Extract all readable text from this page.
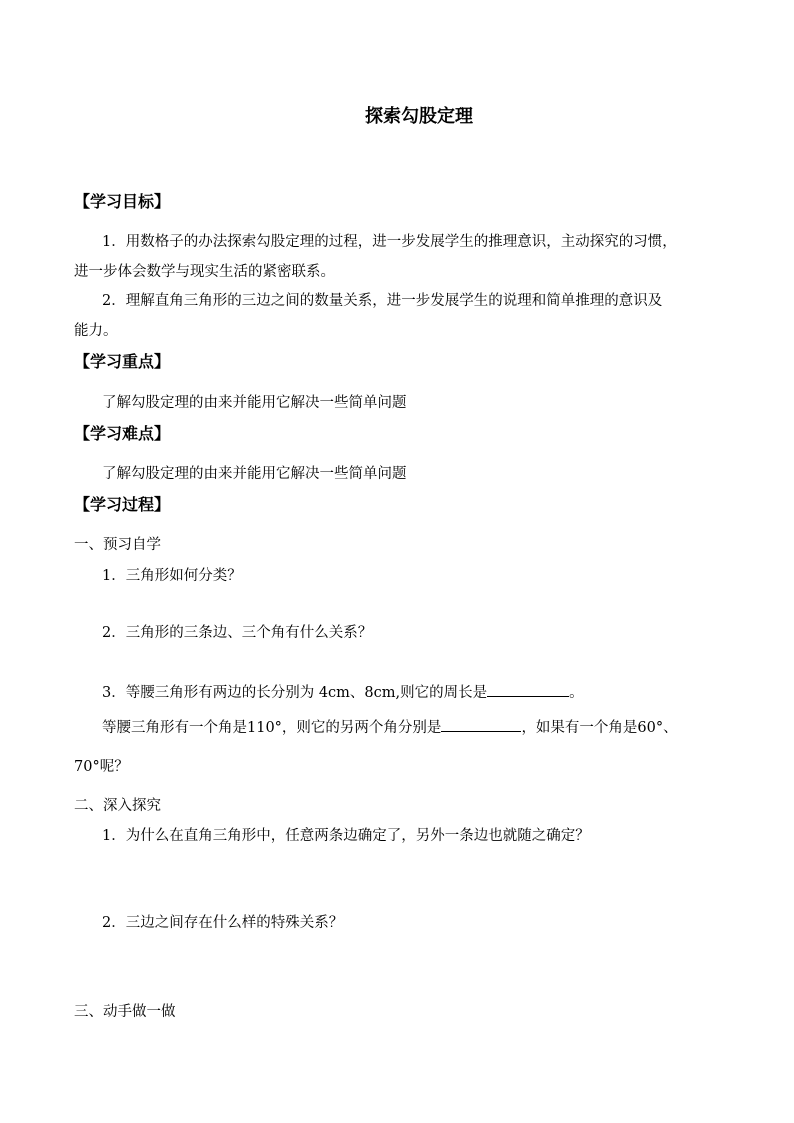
探索勾股定理
【学习目标】
1．用数格子的办法探索勾股定理的过程，进一步发展学生的推理意识，主动探究的习惯，
进一步体会数学与现实生活的紧密联系。
2．理解直角三角形的三边之间的数量关系，进一步发展学生的说理和简单推理的意识及
能力。
【学习重点】
了解勾股定理的由来并能用它解决一些简单问题
【学习难点】
了解勾股定理的由来并能用它解决一些简单问题
【学习过程】
一、预习自学
1．三角形如何分类？
2．三角形的三条边、三个角有什么关系？
3．等腰三角形有两边的长分别为 4cm、8cm,则它的周长是	。
等腰三角形有一个角是110°，则它的另两个角分别是	，如果有一个角是60°、
70°呢？
二、深入探究
1．为什么在直角三角形中，任意两条边确定了，另外一条边也就随之确定？
2．三边之间存在什么样的特殊关系？
三、动手做一做
